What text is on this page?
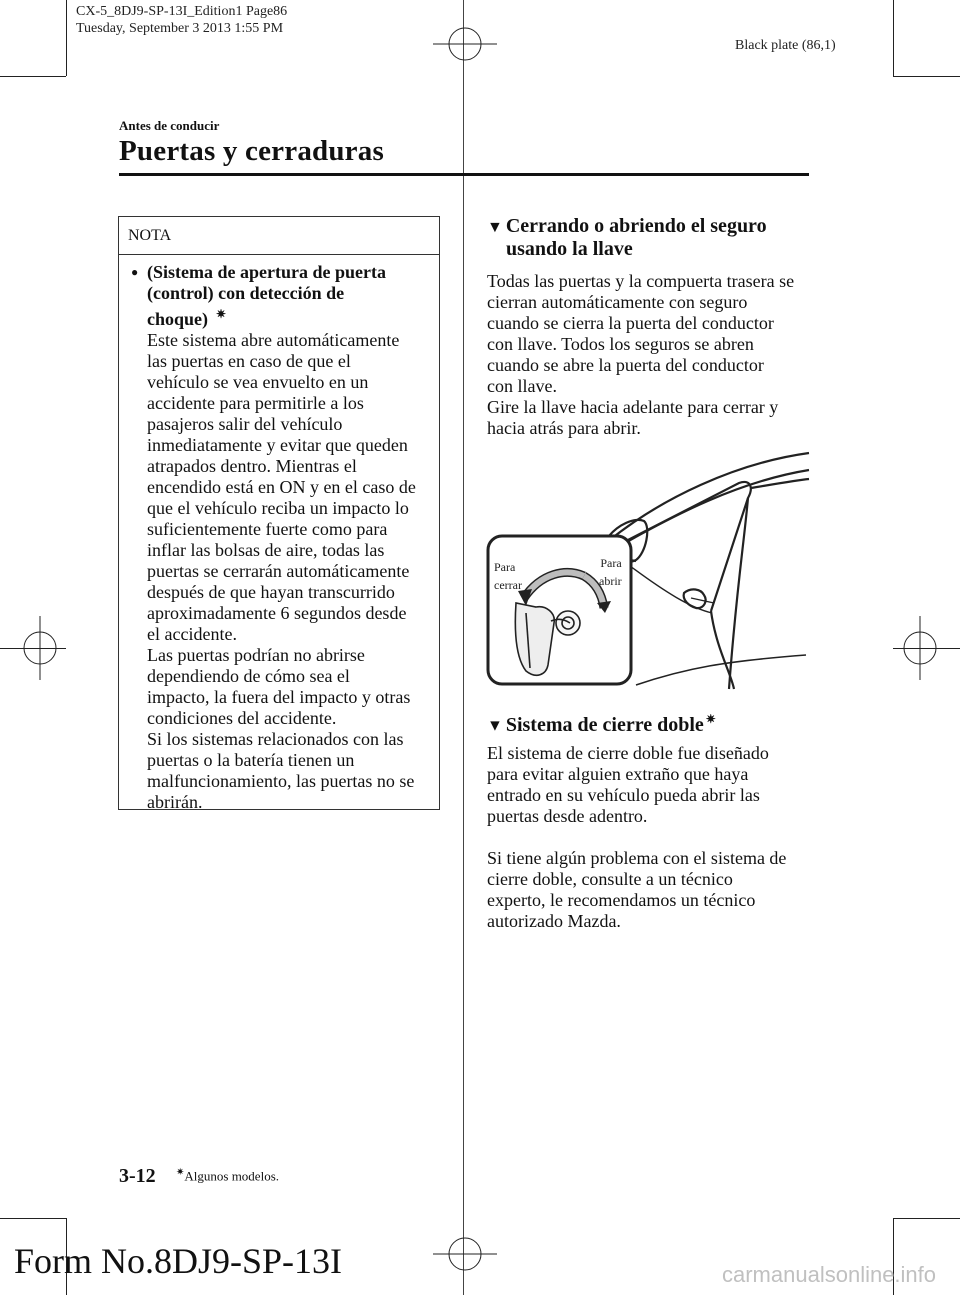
CX-5_8DJ9-SP-13I_Edition1 Page86
Tuesday, September 3 2013 1:55 PM
Black plate (86,1)
Antes de conducir
Puertas y cerraduras
NOTA
● (Sistema de apertura de puerta
(control) con detección de
choque) ✷
Este sistema abre automáticamente
las puertas en caso de que el
vehículo se vea envuelto en un
accidente para permitirle a los
pasajeros salir del vehículo
inmediatamente y evitar que queden
atrapados dentro. Mientras el
encendido está en ON y en el caso de
que el vehículo reciba un impacto lo
suficientemente fuerte como para
inflar las bolsas de aire, todas las
puertas se cerrarán automáticamente
después de que hayan transcurrido
aproximadamente 6 segundos desde
el accidente.
Las puertas podrían no abrirse
dependiendo de cómo sea el
impacto, la fuera del impacto y otras
condiciones del accidente.
Si los sistemas relacionados con las
puertas o la batería tienen un
malfuncionamiento, las puertas no se
abrirán.
▼ Cerrando o abriendo el seguro
usando la llave
Todas las puertas y la compuerta trasera se
cierran automáticamente con seguro
cuando se cierra la puerta del conductor
con llave. Todos los seguros se abren
cuando se abre la puerta del conductor
con llave.
Gire la llave hacia adelante para cerrar y
hacia atrás para abrir.
Para
cerrar
Para
abrir
▼ Sistema de cierre doble ✷
El sistema de cierre doble fue diseñado
para evitar alguien extraño que haya
entrado en su vehículo pueda abrir las
puertas desde adentro.
Si tiene algún problema con el sistema de
cierre doble, consulte a un técnico
experto, le recomendamos un técnico
autorizado Mazda.
3-12 ✷Algunos modelos.
Form No.8DJ9-SP-13I	carmanualsonline.info
